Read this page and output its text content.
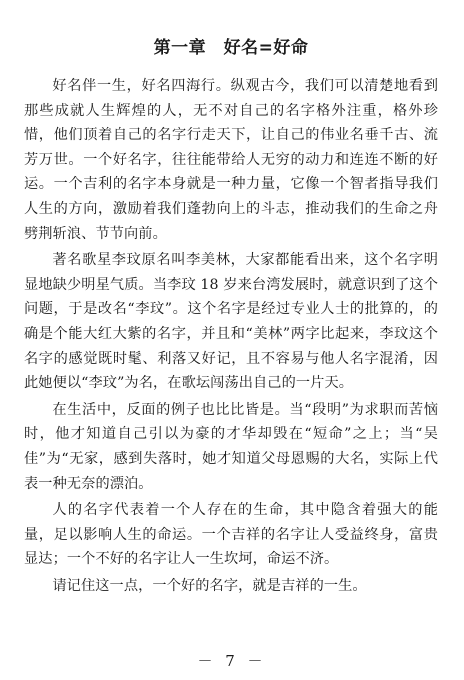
第一章　好名=好命

好名伴一生，好名四海行。纵观古今，我们可以清楚地看到那些成就人生辉煌的人，无不对自己的名字格外注重，格外珍惜，他们顶着自己的名字行走天下，让自己的伟业名垂千古、流芳万世。一个好名字，往往能带给人无穷的动力和连连不断的好运。一个吉利的名字本身就是一种力量，它像一个智者指导我们人生的方向，激励着我们蓬勃向上的斗志，推动我们的生命之舟劈荆斩浪、节节向前。

著名歌星李玟原名叫李美林，大家都能看出来，这个名字明显地缺少明星气质。当李玟 18 岁来台湾发展时，就意识到了这个问题，于是改名“李玟”。这个名字是经过专业人士的批算的，的确是个能大红大紫的名字，并且和“美林”两字比起来，李玟这个名字的感觉既时髦、利落又好记，且不容易与他人名字混淆，因此她便以“李玟”为名，在歌坛闯荡出自己的一片天。

在生活中，反面的例子也比比皆是。当“段明”为求职而苦恼时，他才知道自己引以为豪的才华却毁在“短命”之上；当“吴佳”为“无家，感到失落时，她才知道父母恩赐的大名，实际上代表一种无奈的漂泊。

人的名字代表着一个人存在的生命，其中隐含着强大的能量，足以影响人生的命运。一个吉祥的名字让人受益终身，富贵显达；一个不好的名字让人一生坎坷，命运不济。

请记住这一点，一个好的名字，就是吉祥的一生。

－ 7 －
